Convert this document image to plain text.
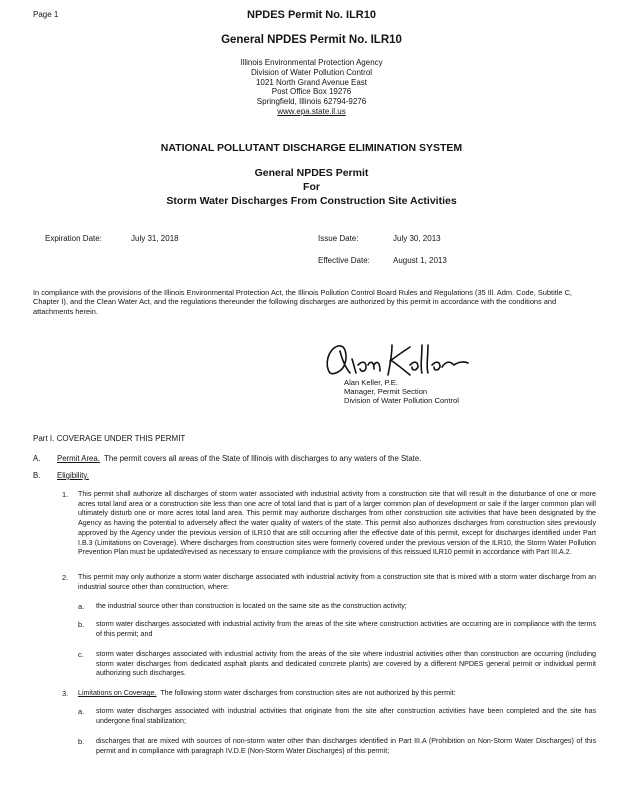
Page 1	NPDES Permit No. ILR10
General NPDES Permit No. ILR10
Illinois Environmental Protection Agency
Division of Water Pollution Control
1021 North Grand Avenue East
Post Office Box 19276
Springfield, Illinois 62794-9276
www.epa.state.il.us
NATIONAL POLLUTANT DISCHARGE ELIMINATION SYSTEM
General NPDES Permit
For
Storm Water Discharges From Construction Site Activities
Expiration Date:	July 31, 2018	Issue Date:	July 30, 2013
Effective Date:	August 1, 2013
In compliance with the provisions of the Illinois Environmental Protection Act, the Illinois Pollution Control Board Rules and Regulations (35 Ill. Adm. Code, Subtitle C, Chapter I), and the Clean Water Act, and the regulations thereunder the following discharges are authorized by this permit in accordance with the conditions and attachments herein.
Alan Keller, P.E.
Manager, Permit Section
Division of Water Pollution Control
Part I. COVERAGE UNDER THIS PERMIT
A. Permit Area. The permit covers all areas of the State of Illinois with discharges to any waters of the State.
B. Eligibility.
1. This permit shall authorize all discharges of storm water associated with industrial activity from a construction site that will result in the disturbance of one or more acres total land area or a construction site less than one acre of total land that is part of a larger common plan of development or sale if the larger common plan will ultimately disturb one or more acres total land area. This permit may authorize discharges from other construction site activities that have been designated by the Agency as having the potential to adversely affect the water quality of waters of the state. This permit also authorizes discharges from construction sites previously approved by the Agency under the previous version of ILR10 that are still occurring after the effective date of this permit, except for discharges identified under Part I.B.3 (Limitations on Coverage). Where discharges from construction sites were formerly covered under the previous version of the ILR10, the Storm Water Pollution Prevention Plan must be updated/revised as necessary to ensure compliance with the provisions of this reissued ILR10 permit in accordance with Part III.A.2.
2. This permit may only authorize a storm water discharge associated with industrial activity from a construction site that is mixed with a storm water discharge from an industrial source other than construction, where:
a. the industrial source other than construction is located on the same site as the construction activity;
b. storm water discharges associated with industrial activity from the areas of the site where construction activities are occurring are in compliance with the terms of this permit; and
c. storm water discharges associated with industrial activity from the areas of the site where industrial activities other than construction are occurring (including storm water discharges from dedicated asphalt plants and dedicated concrete plants) are covered by a different NPDES general permit or individual permit authorizing such discharges.
3. Limitations on Coverage. The following storm water discharges from construction sites are not authorized by this permit:
a. storm water discharges associated with industrial activities that originate from the site after construction activities have been completed and the site has undergone final stabilization;
b. discharges that are mixed with sources of non-storm water other than discharges identified in Part III.A (Prohibition on Non-Storm Water Discharges) of this permit and in compliance with paragraph IV.D.E (Non-Storm Water Discharges) of this permit;
